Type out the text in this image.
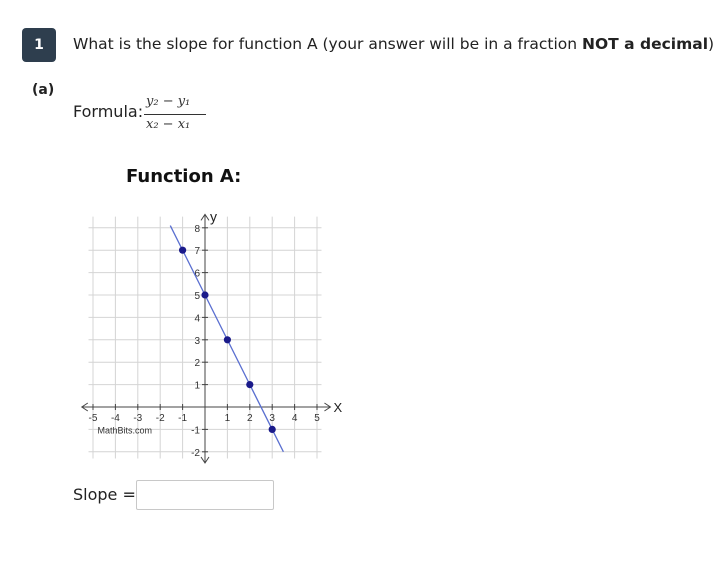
1	What is the slope for function A (your answer will be in a fraction NOT a decimal)
(a)
Formula:
y₂ − y₁
x₂ − x₁
Function A:
-5 -4 -3 -2 -1	1 2 3 4 5
8
7
6
5
4
3
2
1
-1
-2
X
y
MathBits.com
Slope =
